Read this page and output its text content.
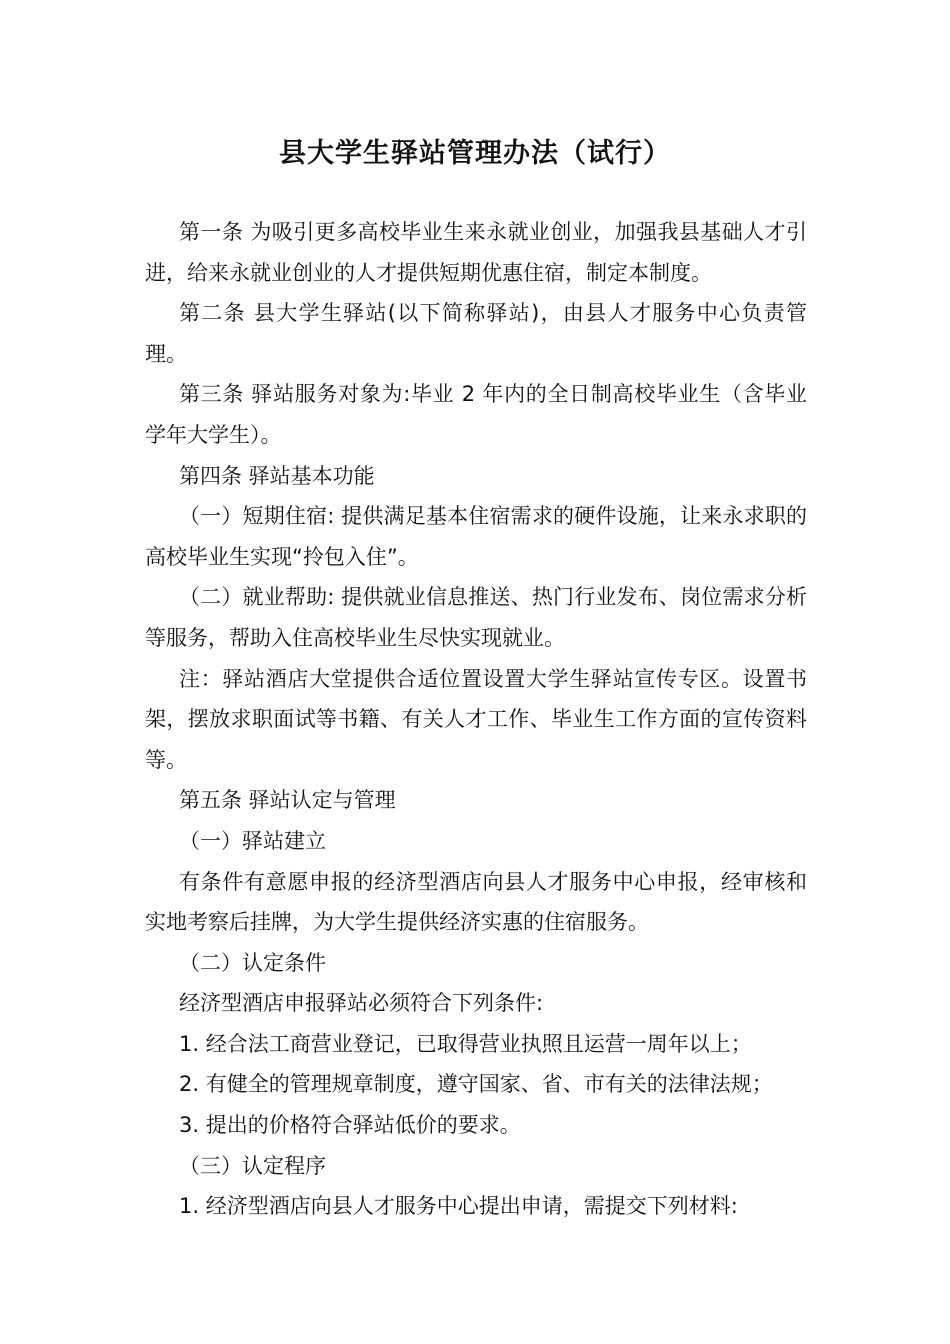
县大学生驿站管理办法（试行）

第一条 为吸引更多高校毕业生来永就业创业，加强我县基础人才引进，给来永就业创业的人才提供短期优惠住宿，制定本制度。

第二条 县大学生驿站(以下简称驿站)，由县人才服务中心负责管理。

第三条 驿站服务对象为:毕业 2 年内的全日制高校毕业生（含毕业学年大学生）。

第四条 驿站基本功能

（一）短期住宿: 提供满足基本住宿需求的硬件设施，让来永求职的高校毕业生实现“拎包入住”。

（二）就业帮助: 提供就业信息推送、热门行业发布、岗位需求分析等服务，帮助入住高校毕业生尽快实现就业。

注：驿站酒店大堂提供合适位置设置大学生驿站宣传专区。设置书架，摆放求职面试等书籍、有关人才工作、毕业生工作方面的宣传资料等。

第五条 驿站认定与管理

（一）驿站建立

有条件有意愿申报的经济型酒店向县人才服务中心申报，经审核和实地考察后挂牌，为大学生提供经济实惠的住宿服务。

（二）认定条件

经济型酒店申报驿站必须符合下列条件:

1. 经合法工商营业登记，已取得营业执照且运营一周年以上；

2. 有健全的管理规章制度，遵守国家、省、市有关的法律法规；

3. 提出的价格符合驿站低价的要求。

（三）认定程序

1. 经济型酒店向县人才服务中心提出申请，需提交下列材料:
